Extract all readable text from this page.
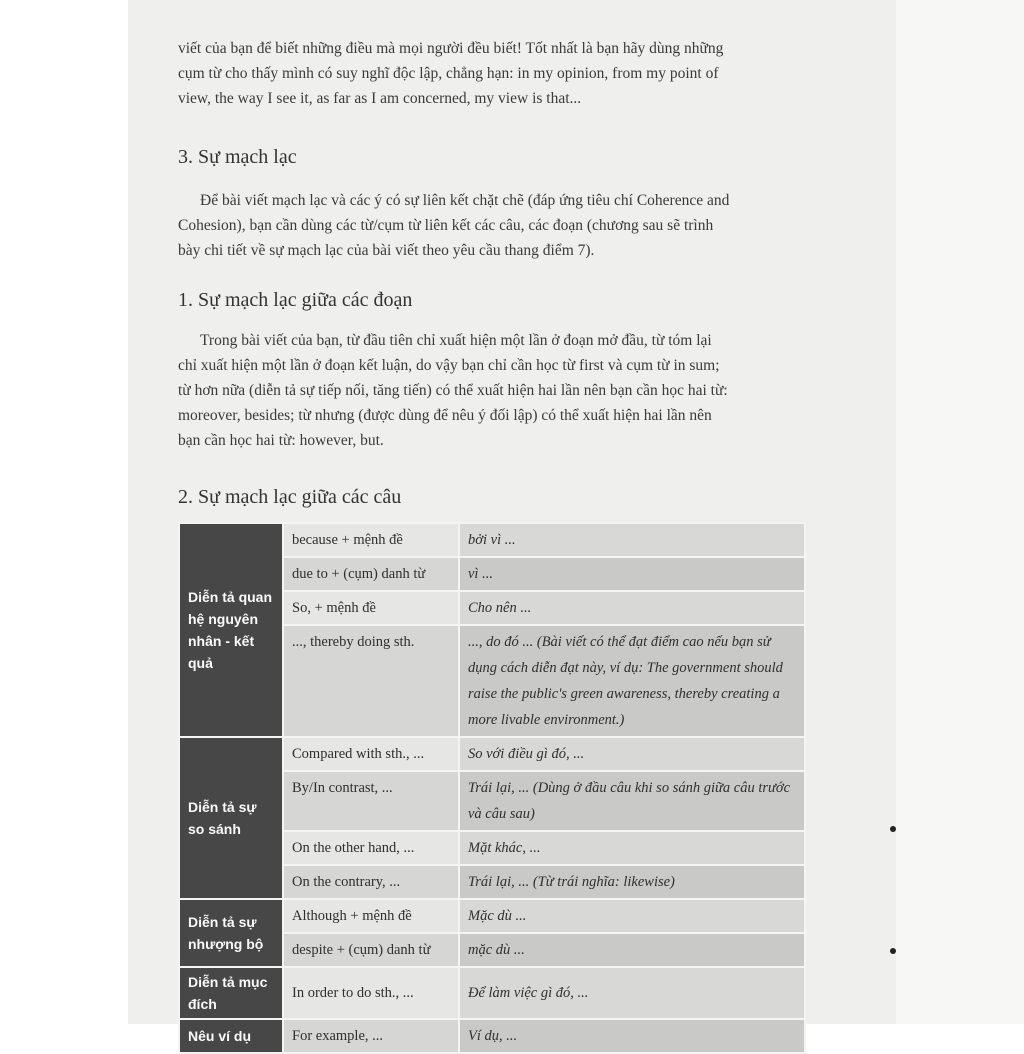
viết của bạn để biết những điều mà mọi người đều biết! Tốt nhất là bạn hãy dùng những
cụm từ cho thấy mình có suy nghĩ độc lập, chẳng hạn: in my opinion, from my point of
view, the way I see it, as far as I am concerned, my view is that...

3. Sự mạch lạc

Để bài viết mạch lạc và các ý có sự liên kết chặt chẽ (đáp ứng tiêu chí Coherence and
Cohesion), bạn cần dùng các từ/cụm từ liên kết các câu, các đoạn (chương sau sẽ trình
bày chi tiết về sự mạch lạc của bài viết theo yêu cầu thang điểm 7).

1. Sự mạch lạc giữa các đoạn

Trong bài viết của bạn, từ đầu tiên chỉ xuất hiện một lần ở đoạn mở đầu, từ tóm lại
chỉ xuất hiện một lần ở đoạn kết luận, do vậy bạn chỉ cần học từ first và cụm từ in sum;
từ hơn nữa (diễn tả sự tiếp nối, tăng tiến) có thể xuất hiện hai lần nên bạn cần học hai từ:
moreover, besides; từ nhưng (được dùng để nêu ý đối lập) có thể xuất hiện hai lần nên
bạn cần học hai từ: however, but.

2. Sự mạch lạc giữa các câu
Diễn tả quan hệ nguyên nhân - kết quả	because + mệnh đề	bởi vì ...
	due to + (cụm) danh từ	vì ...
	So, + mệnh đề	Cho nên ...
	..., thereby doing sth.	..., do đó ... (Bài viết có thể đạt điểm cao nếu bạn sử dụng cách diễn đạt này, ví dụ: The government should raise the public's green awareness, thereby creating a more livable environment.)
Diễn tả sự so sánh	Compared with sth., ...	So với điều gì đó, ...
	By/In contrast, ...	Trái lại, ... (Dùng ở đầu câu khi so sánh giữa câu trước và câu sau)
	On the other hand, ...	Mặt khác, ...
	On the contrary, ...	Trái lại, ... (Từ trái nghĩa: likewise)
Diễn tả sự nhượng bộ	Although + mệnh đề	Mặc dù ...
	despite + (cụm) danh từ	mặc dù ...
Diễn tả mục đích	In order to do sth., ...	Để làm việc gì đó, ...
Nêu ví dụ	For example, ...	Ví dụ, ...
